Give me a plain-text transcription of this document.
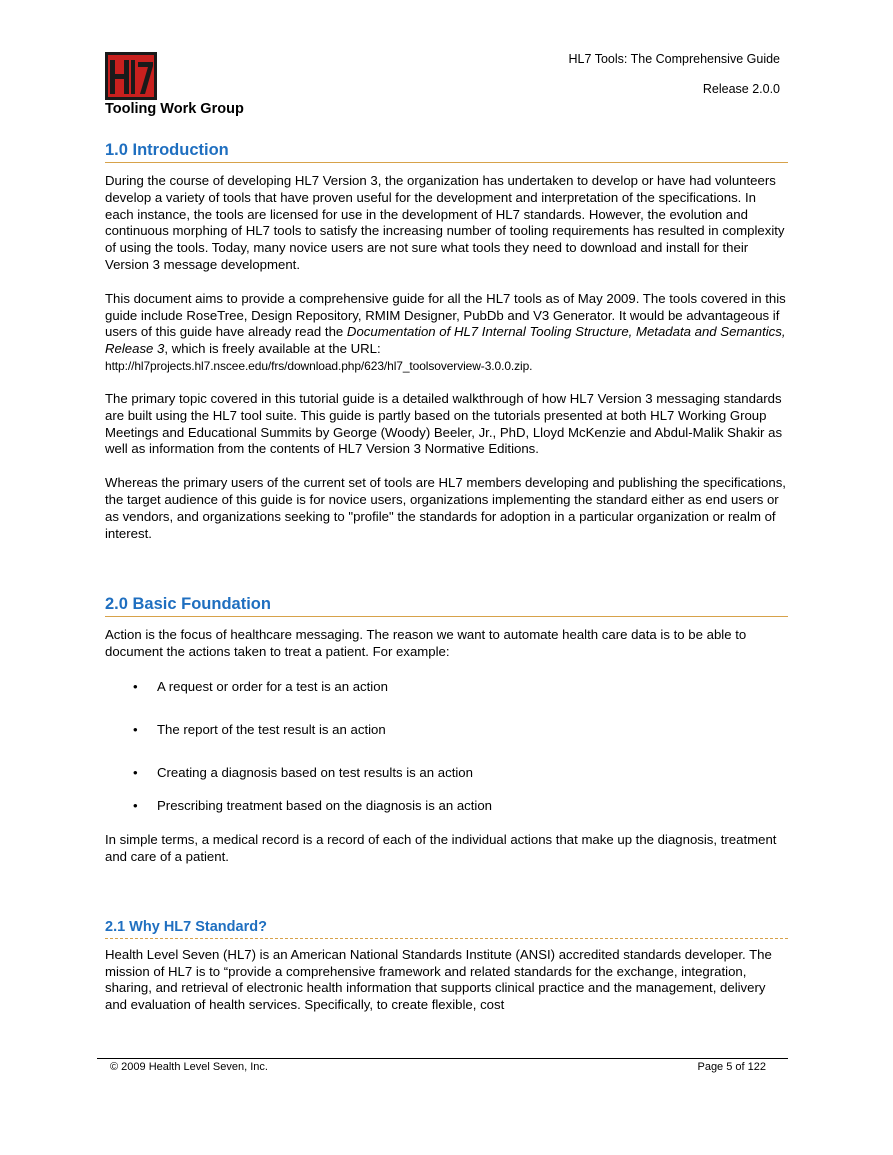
Tooling Work Group
HL7 Tools: The Comprehensive Guide
Release 2.0.0
1.0 Introduction

During the course of developing HL7 Version 3, the organization has undertaken to develop or have had volunteers develop a variety of tools that have proven useful for the development and interpretation of the specifications. In each instance, the tools are licensed for use in the development of HL7 standards. However, the evolution and continuous morphing of HL7 tools to satisfy the increasing number of tooling requirements has resulted in complexity of using the tools. Today, many novice users are not sure what tools they need to download and install for their Version 3 message development.

This document aims to provide a comprehensive guide for all the HL7 tools as of May 2009. The tools covered in this guide include RoseTree, Design Repository, RMIM Designer, PubDb and V3 Generator. It would be advantageous if users of this guide have already read the Documentation of HL7 Internal Tooling Structure, Metadata and Semantics, Release 3, which is freely available at the URL:

http://hl7projects.hl7.nscee.edu/frs/download.php/623/hl7_toolsoverview-3.0.0.zip.

The primary topic covered in this tutorial guide is a detailed walkthrough of how HL7 Version 3 messaging standards are built using the HL7 tool suite. This guide is partly based on the tutorials presented at both HL7 Working Group Meetings and Educational Summits by George (Woody) Beeler, Jr., PhD, Lloyd McKenzie and Abdul-Malik Shakir as well as information from the contents of HL7 Version 3 Normative Editions.

Whereas the primary users of the current set of tools are HL7 members developing and publishing the specifications, the target audience of this guide is for novice users, organizations implementing the standard either as end users or as vendors, and organizations seeking to "profile" the standards for adoption in a particular organization or realm of interest.

2.0 Basic Foundation

Action is the focus of healthcare messaging. The reason we want to automate health care data is to be able to document the actions taken to treat a patient. For example:

• A request or order for a test is an action
• The report of the test result is an action
• Creating a diagnosis based on test results is an action
• Prescribing treatment based on the diagnosis is an action

In simple terms, a medical record is a record of each of the individual actions that make up the diagnosis, treatment and care of a patient.

2.1 Why HL7 Standard?

Health Level Seven (HL7) is an American National Standards Institute (ANSI) accredited standards developer. The mission of HL7 is to “provide a comprehensive framework and related standards for the exchange, integration, sharing, and retrieval of electronic health information that supports clinical practice and the management, delivery and evaluation of health services. Specifically, to create flexible, cost

© 2009 Health Level Seven, Inc.	Page 5 of 122
